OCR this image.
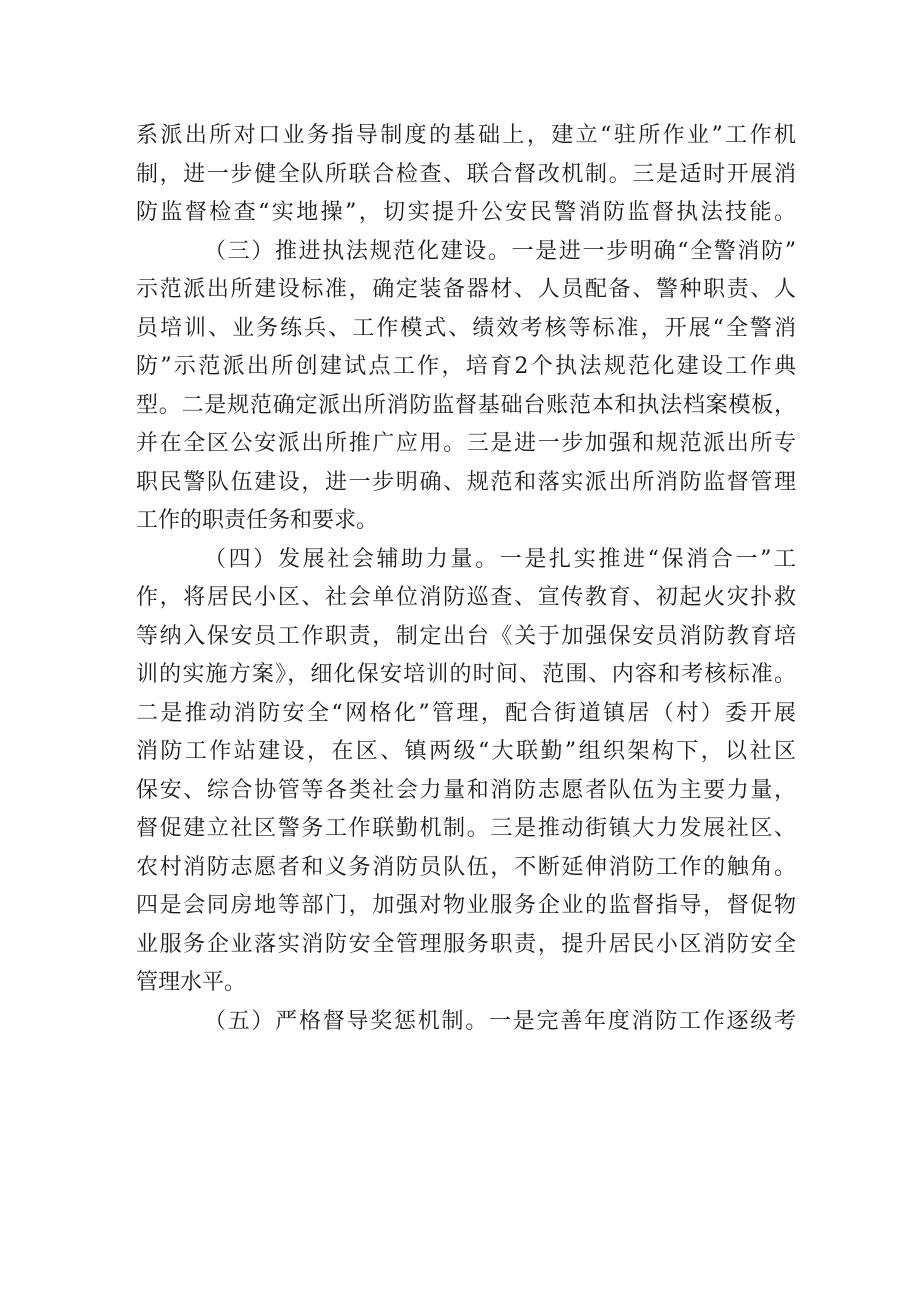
系派出所对口业务指导制度的基础上，建立“驻所作业”工作机
制，进一步健全队所联合检查、联合督改机制。三是适时开展消
防监督检查“实地操”，切实提升公安民警消防监督执法技能。
（三）推进执法规范化建设。一是进一步明确“全警消防”
示范派出所建设标准，确定装备器材、人员配备、警种职责、人
员培训、业务练兵、工作模式、绩效考核等标准，开展“全警消
防”示范派出所创建试点工作，培育2个执法规范化建设工作典
型。二是规范确定派出所消防监督基础台账范本和执法档案模板，
并在全区公安派出所推广应用。三是进一步加强和规范派出所专
职民警队伍建设，进一步明确、规范和落实派出所消防监督管理
工作的职责任务和要求。
（四）发展社会辅助力量。一是扎实推进“保消合一”工
作，将居民小区、社会单位消防巡查、宣传教育、初起火灾扑救
等纳入保安员工作职责，制定出台《关于加强保安员消防教育培
训的实施方案》，细化保安培训的时间、范围、内容和考核标准。
二是推动消防安全“网格化”管理，配合街道镇居（村）委开展
消防工作站建设，在区、镇两级“大联勤”组织架构下，以社区
保安、综合协管等各类社会力量和消防志愿者队伍为主要力量，
督促建立社区警务工作联勤机制。三是推动街镇大力发展社区、
农村消防志愿者和义务消防员队伍，不断延伸消防工作的触角。
四是会同房地等部门，加强对物业服务企业的监督指导，督促物
业服务企业落实消防安全管理服务职责，提升居民小区消防安全
管理水平。
（五）严格督导奖惩机制。一是完善年度消防工作逐级考
